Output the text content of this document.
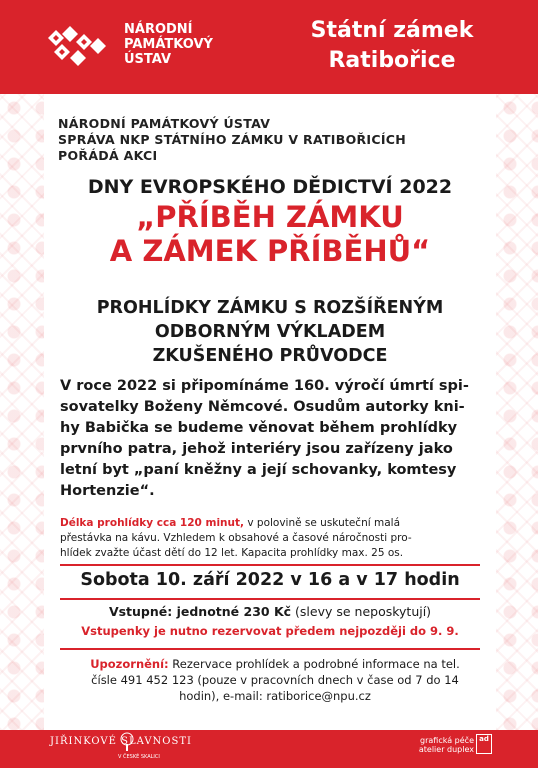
NÁRODNÍ
PAMÁTKOVÝ
ÚSTAV
Státní zámek
Ratibořice
NÁRODNÍ PAMÁTKOVÝ ÚSTAV
SPRÁVA NKP STÁTNÍHO ZÁMKU V RATIBOŘICÍCH
POŘÁDÁ AKCI
DNY EVROPSKÉHO DĚDICTVÍ 2022
„PŘÍBĚH ZÁMKU
A ZÁMEK PŘÍBĚHŮ“
PROHLÍDKY ZÁMKU S ROZŠÍŘENÝM
ODBORNÝM VÝKLADEM
ZKUŠENÉHO PRŮVODCE
V roce 2022 si připomínáme 160. výročí úmrtí spi-
sovatelky Boženy Němcové. Osudům autorky kni-
hy Babička se budeme věnovat během prohlídky
prvního patra, jehož interiéry jsou zařízeny jako
letní byt „paní kněžny a její schovanky, komtesy
Hortenzie“.
Délka prohlídky cca 120 minut, v polovině se uskuteční malá
přestávka na kávu. Vzhledem k obsahové a časové náročnosti pro-
hlídek zvažte účast dětí do 12 let. Kapacita prohlídky max. 25 os.
Sobota 10. září 2022 v 16 a v 17 hodin
Vstupné: jednotné 230 Kč (slevy se neposkytují)
Vstupenky je nutno rezervovat předem nejpozději do 9. 9.
Upozornění: Rezervace prohlídek a podrobné informace na tel.
čísle 491 452 123 (pouze v pracovních dnech v čase od 7 do 14
hodin), e-mail: ratiborice@npu.cz
JIŘINKOVÉ SLAVNOSTI
V ČESKÉ SKALICI
grafická péče
atelier duplex
ad
